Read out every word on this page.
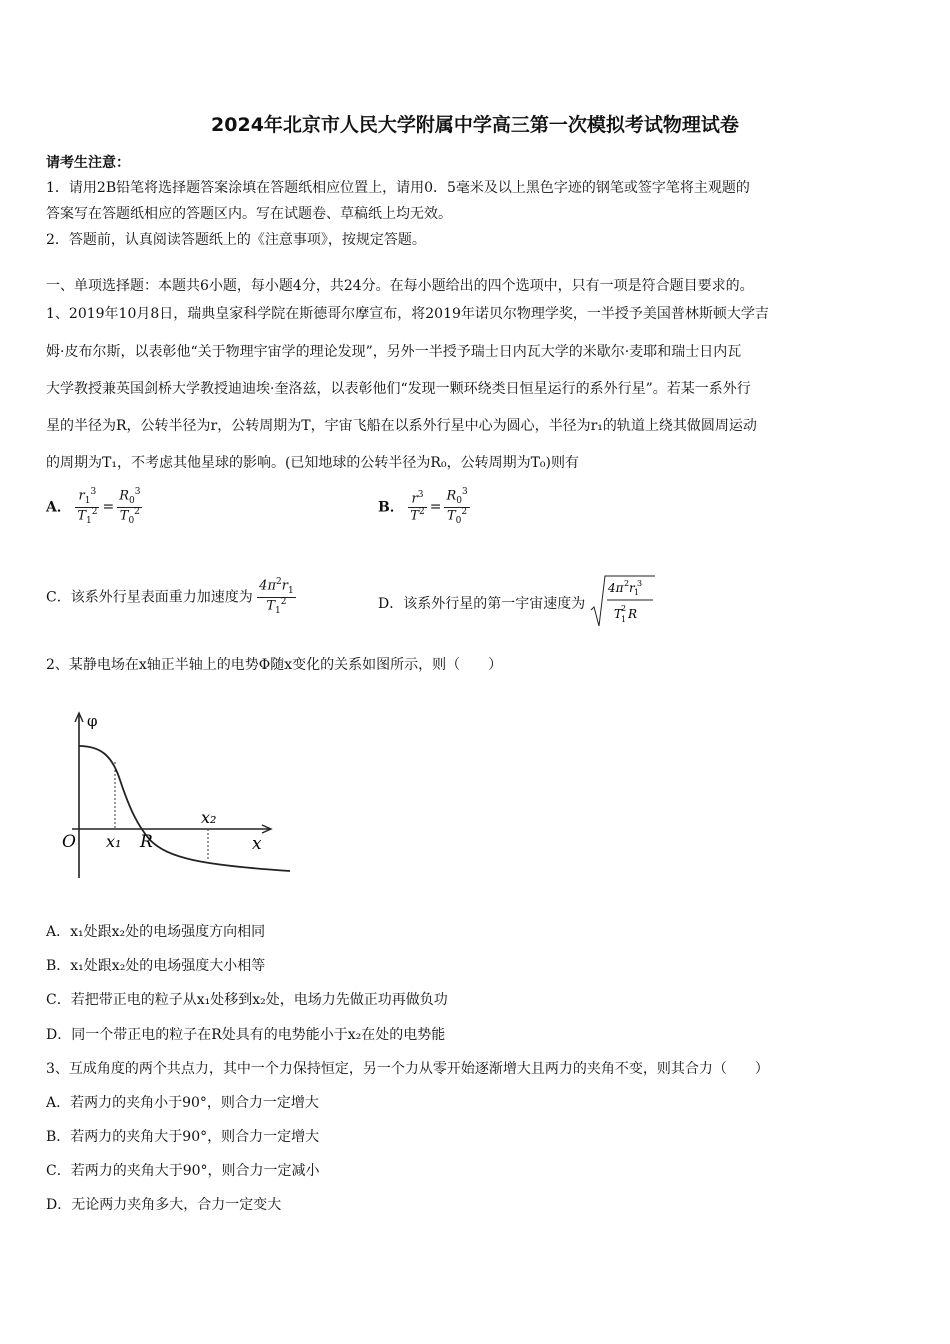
2024年北京市人民大学附属中学高三第一次模拟考试物理试卷
请考生注意：
1．请用2B铅笔将选择题答案涂填在答题纸相应位置上，请用0．5毫米及以上黑色字迹的钢笔或签字笔将主观题的
答案写在答题纸相应的答题区内。写在试题卷、草稿纸上均无效。
2．答题前，认真阅读答题纸上的《注意事项》，按规定答题。
一、单项选择题：本题共6小题，每小题4分，共24分。在每小题给出的四个选项中，只有一项是符合题目要求的。
1、2019年10月8日，瑞典皇家科学院在斯德哥尔摩宣布，将2019年诺贝尔物理学奖，一半授予美国普林斯顿大学吉
姆·皮布尔斯，以表彰他“关于物理宇宙学的理论发现”，另外一半授予瑞士日内瓦大学的米歇尔·麦耶和瑞士日内瓦
大学教授兼英国剑桥大学教授迪迪埃·奎洛兹，以表彰他们“发现一颗环绕类日恒星运行的系外行星”。若某一系外行
星的半径为R，公转半径为r，公转周期为T，宇宙飞船在以系外行星中心为圆心，半径为r₁的轨道上绕其做圆周运动
的周期为T₁，不考虑其他星球的影响。(已知地球的公转半径为R₀，公转周期为T₀)则有
A． $\frac{r_1^3}{T_1^2} = \frac{R_0^3}{T_0^2}$	B． $\frac{r^3}{T^2} = \frac{R_0^3}{T_0^2}$
C．该系外行星表面重力加速度为 $\frac{4\pi^2r_1}{T_1^2}$	D．该系外行星的第一宇宙速度为
4π 2 r 1
3
T
1
2 R
2、某静电场在x轴正半轴上的电势Φ随x变化的关系如图所示，则（　　）
φ
O x₁ R
x₂
x
A．x₁处跟x₂处的电场强度方向相同
B．x₁处跟x₂处的电场强度大小相等
C．若把带正电的粒子从x₁处移到x₂处，电场力先做正功再做负功
D．同一个带正电的粒子在R处具有的电势能小于x₂在处的电势能
3、互成角度的两个共点力，其中一个力保持恒定，另一个力从零开始逐渐增大且两力的夹角不变，则其合力（　　）
A．若两力的夹角小于90°，则合力一定增大
B．若两力的夹角大于90°，则合力一定增大
C．若两力的夹角大于90°，则合力一定减小
D．无论两力夹角多大，合力一定变大
